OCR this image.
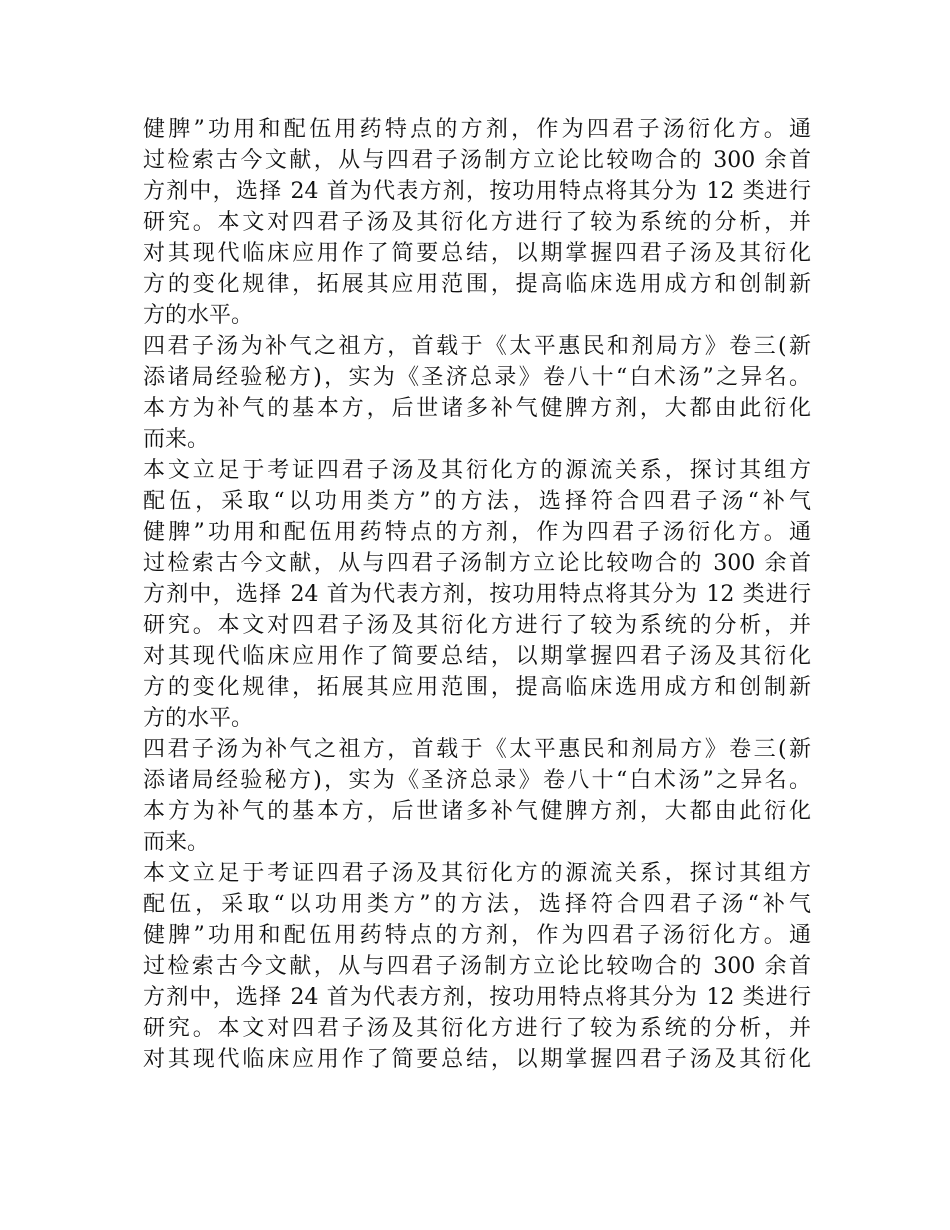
健脾”功用和配伍用药特点的方剂，作为四君子汤衍化方。通
过检索古今文献，从与四君子汤制方立论比较吻合的 300 余首
方剂中，选择 24 首为代表方剂，按功用特点将其分为 12 类进行
研究。本文对四君子汤及其衍化方进行了较为系统的分析，并
对其现代临床应用作了简要总结，以期掌握四君子汤及其衍化
方的变化规律，拓展其应用范围，提高临床选用成方和创制新
方的水平。
四君子汤为补气之祖方，首载于《太平惠民和剂局方》卷三(新
添诸局经验秘方)，实为《圣济总录》卷八十“白术汤”之异名。
本方为补气的基本方，后世诸多补气健脾方剂，大都由此衍化
而来。
本文立足于考证四君子汤及其衍化方的源流关系，探讨其组方
配伍，采取“以功用类方”的方法，选择符合四君子汤“补气
健脾”功用和配伍用药特点的方剂，作为四君子汤衍化方。通
过检索古今文献，从与四君子汤制方立论比较吻合的 300 余首
方剂中，选择 24 首为代表方剂，按功用特点将其分为 12 类进行
研究。本文对四君子汤及其衍化方进行了较为系统的分析，并
对其现代临床应用作了简要总结，以期掌握四君子汤及其衍化
方的变化规律，拓展其应用范围，提高临床选用成方和创制新
方的水平。
四君子汤为补气之祖方，首载于《太平惠民和剂局方》卷三(新
添诸局经验秘方)，实为《圣济总录》卷八十“白术汤”之异名。
本方为补气的基本方，后世诸多补气健脾方剂，大都由此衍化
而来。
本文立足于考证四君子汤及其衍化方的源流关系，探讨其组方
配伍，采取“以功用类方”的方法，选择符合四君子汤“补气
健脾”功用和配伍用药特点的方剂，作为四君子汤衍化方。通
过检索古今文献，从与四君子汤制方立论比较吻合的 300 余首
方剂中，选择 24 首为代表方剂，按功用特点将其分为 12 类进行
研究。本文对四君子汤及其衍化方进行了较为系统的分析，并
对其现代临床应用作了简要总结，以期掌握四君子汤及其衍化
